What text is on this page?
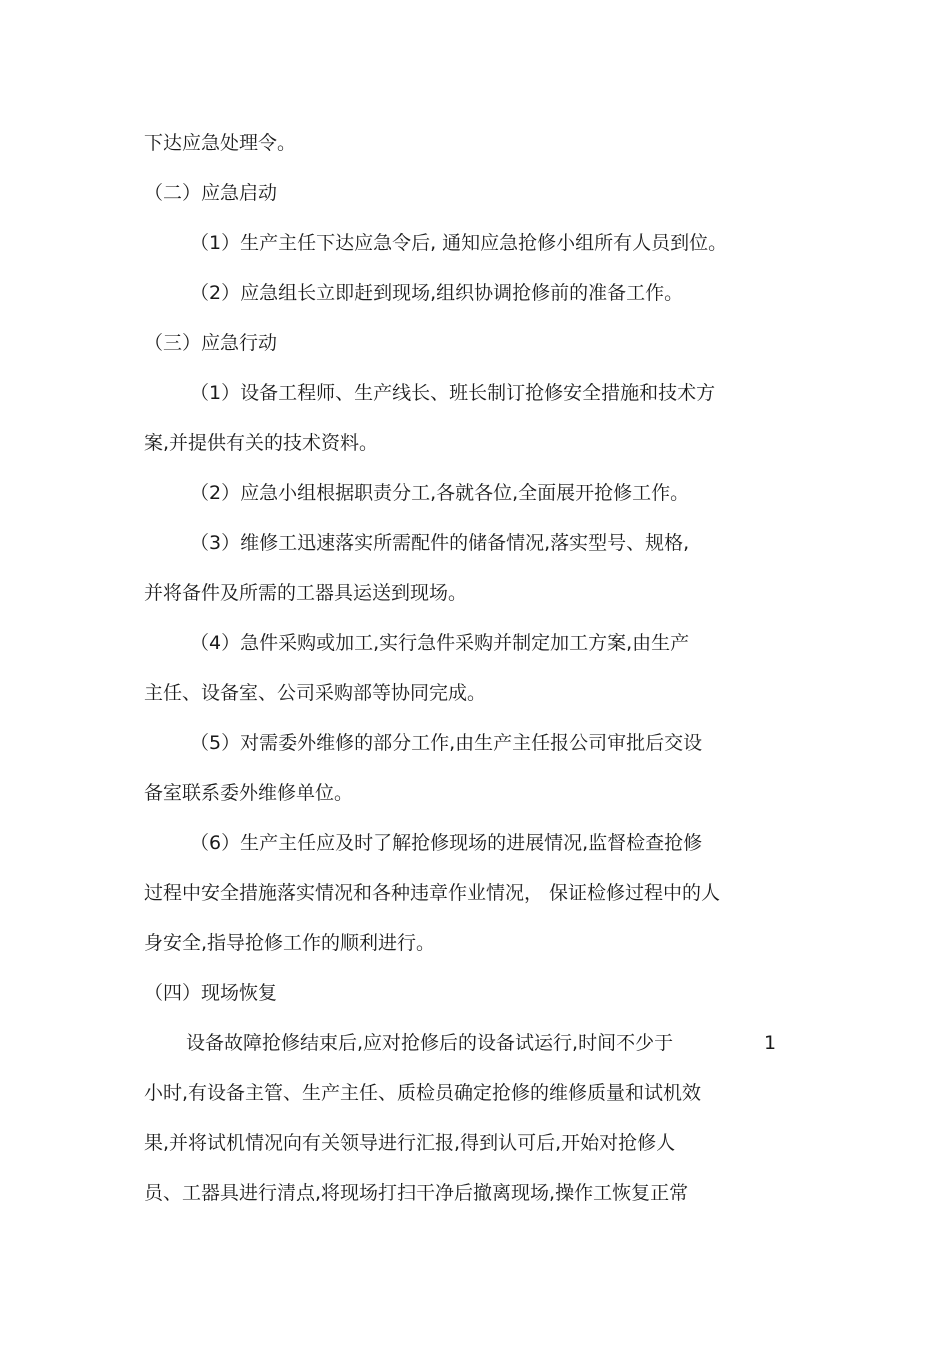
下达应急处理令。

（二）应急启动

（1）生产主任下达应急令后, 通知应急抢修小组所有人员到位。

（2）应急组长立即赶到现场,组织协调抢修前的准备工作。

（三）应急行动

（1）设备工程师、生产线长、班长制订抢修安全措施和技术方

案,并提供有关的技术资料。

（2）应急小组根据职责分工,各就各位,全面展开抢修工作。

（3）维修工迅速落实所需配件的储备情况,落实型号、规格,

并将备件及所需的工器具运送到现场。

（4）急件采购或加工,实行急件采购并制定加工方案,由生产

主任、设备室、公司采购部等协同完成。

（5）对需委外维修的部分工作,由生产主任报公司审批后交设

备室联系委外维修单位。

（6）生产主任应及时了解抢修现场的进展情况,监督检查抢修

过程中安全措施落实情况和各种违章作业情况， 保证检修过程中的人

身安全,指导抢修工作的顺利进行。

（四）现场恢复

设备故障抢修结束后,应对抢修后的设备试运行,时间不少于	1

小时,有设备主管、生产主任、质检员确定抢修的维修质量和试机效

果,并将试机情况向有关领导进行汇报,得到认可后,开始对抢修人

员、工器具进行清点,将现场打扫干净后撤离现场,操作工恢复正常
